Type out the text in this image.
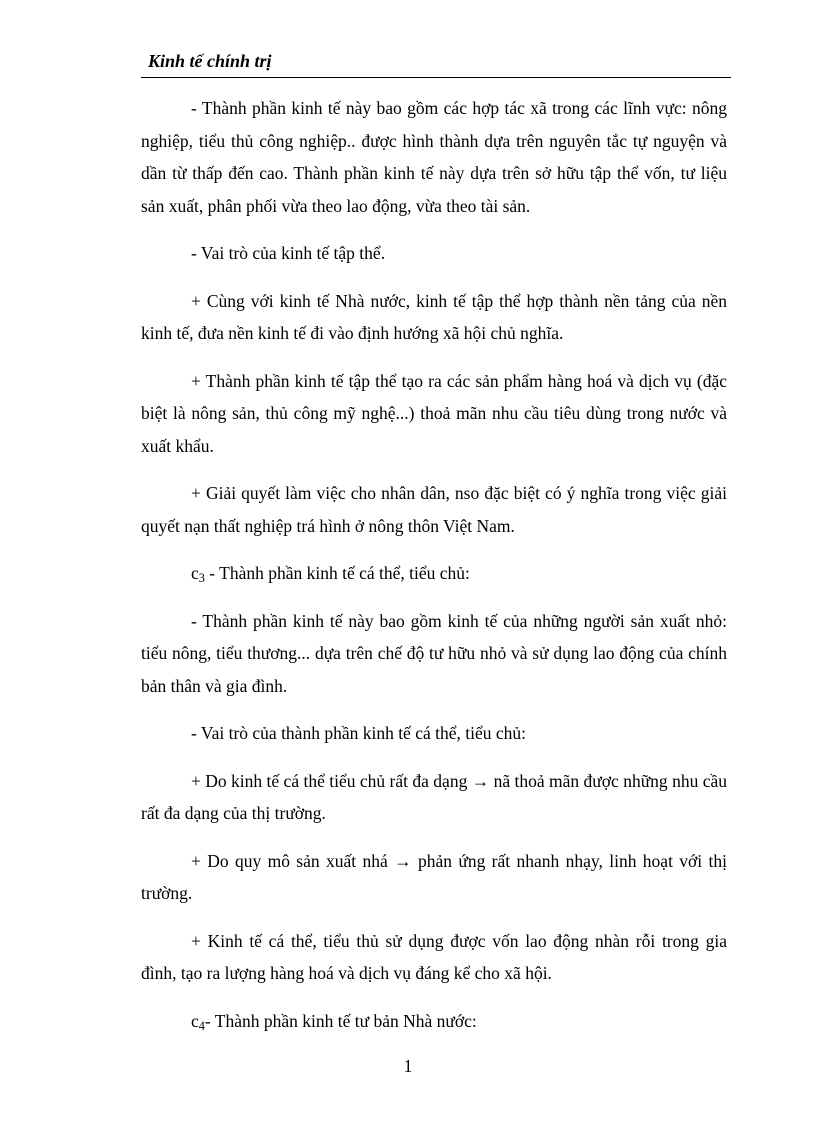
Kinh tế chính trị

- Thành phần kinh tế này bao gồm các hợp tác xã trong các lĩnh vực: nông nghiệp, tiểu thủ công nghiệp.. được hình thành dựa trên nguyên tắc tự nguyện và dần từ thấp đến cao. Thành phần kinh tế này dựa trên sở hữu tập thể vốn, tư liệu sản xuất, phân phối vừa theo lao động, vừa theo tài sản.

- Vai trò của kinh tế tập thể.

+ Cùng với kinh tế Nhà nước, kinh tế tập thể hợp thành nền tảng của nền kinh tế, đưa nền kinh tế đi vào định hướng xã hội chủ nghĩa.

+ Thành phần kinh tế tập thể tạo ra các sản phẩm hàng hoá và dịch vụ (đặc biệt là nông sản, thủ công mỹ nghệ...) thoả mãn nhu cầu tiêu dùng trong nước và xuất khẩu.

+ Giải quyết làm việc cho nhân dân, nso đặc biệt có ý nghĩa trong việc giải quyết nạn thất nghiệp trá hình ở nông thôn Việt Nam.

$c_3$ - Thành phần kinh tế cá thể, tiểu chủ:

- Thành phần kinh tế này bao gồm kinh tế của những người sản xuất nhỏ: tiểu nông, tiểu thương... dựa trên chế độ tư hữu nhỏ và sử dụng lao động của chính bản thân và gia đình.

- Vai trò của thành phần kinh tế cá thể, tiểu chủ:

+ Do kinh tế cá thể tiểu chủ rất đa dạng → nã thoả mãn được những nhu cầu rất đa dạng của thị trường.

+ Do quy mô sản xuất nhá → phản ứng rất nhanh nhạy, linh hoạt với thị trường.

+ Kinh tế cá thể, tiểu thủ sử dụng được vốn lao động nhàn rỗi trong gia đình, tạo ra lượng hàng hoá và dịch vụ đáng kể cho xã hội.

$c_4-$ Thành phần kinh tế tư bản Nhà nước:

1
